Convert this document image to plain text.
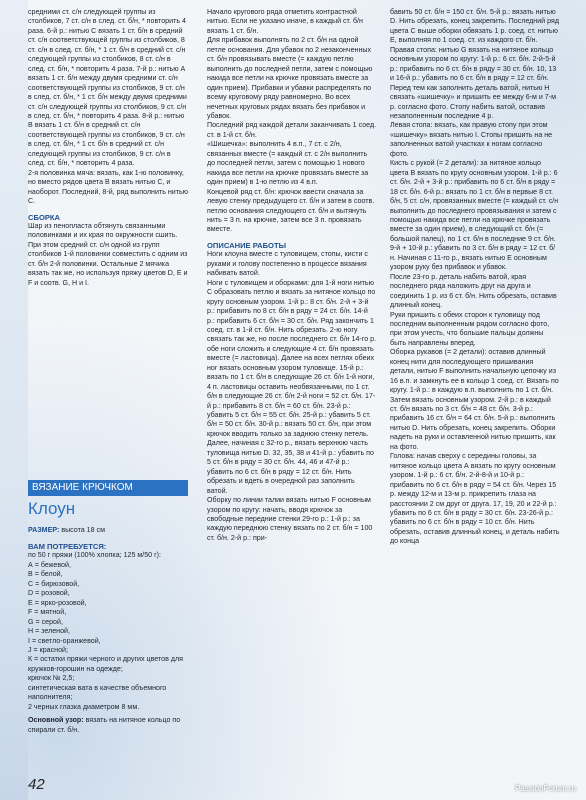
средними ст. с/н следующей группы из столбиков, 7 ст. с/н в след. ст. б/н, * повторить 4 раза. 6-й р.: нитью С вязать 1 ст. б/н в средний ст. с/н соответствующей группы из столбиков, 8 ст. с/н в след. ст. б/н, * 1 ст. б/н в средний ст. с/н следующей группы из столбиков, 8 ст. с/н в след. ст. б/н, * повторить 4 раза. 7-й р.: нитью А вязать 1 ст. б/н между двумя средними ст. с/н соответствующей группы из столбиков, 9 ст. с/н в след. ст. б/н, * 1 ст. б/н между двумя средними ст. с/н следующей группы из столбиков, 9 ст. с/н в след. ст. б/н, * повторить 4 раза. 8-й р.: нитью В вязать 1 ст. б/н в средний ст. с/н соответствующей группы из столбиков, 9 ст. с/н в след. ст. б/н, * 1 ст. б/н в средний ст. с/н следующей группы из столбиков, 9 ст. с/н в след. ст. б/н, * повторить 4 раза.

2-я половинка мяча: вязать, как 1-ю половинку, но вместо рядов цвета В вязать нитью С, и наоборот. Последний, 8-й, ряд выполнить нитью С.

СБОРКА

Шар из пенопласта обтянуть связанными половинками и их края по окружности сшить. При этом средний ст. с/н одной из групп столбиков 1-й половинки совместить с одним из ст. б/н 2-й половинки. Остальные 2 мячика вязать так же, но используя пряжу цветов D, E и F и соотв. G, H и I.

ВЯЗАНИЕ КРЮЧКОМ
Клоун
РАЗМЕР: высота 18 см

ВАМ ПОТРЕБУЕТСЯ:

по 50 г пряжи (100% хлопка; 125 м/50 г):

А = бежевой,

В = белой,

С = бирюзовой,

D = розовой,

E = ярко-розовой,

F = мятной,

G = серой,

H = зеленой,

I = светло-оранжевой,

J = красной;

К = остатки пряжи черного и других цветов для кружков-горошин на одежде;

крючок № 2,5;

синтетическая вата в качестве объемного наполнителя;

2 черных глазка диаметром 8 мм.

Основной узор: вязать на нитяное кольцо по спирали ст. б/н.

Начало кругового ряда отметить контрастной нитью. Если не указано иначе, в каждый ст. б/н вязать 1 ст. б/н.

Для прибавок выполнять по 2 ст. б/н на одной петле основания. Для убавок по 2 незаконченных ст. б/н провязывать вместе (= каждую петлю выполнить до последней петли, затем с помощью накида все петли на крючке провязать вместе за один прием). Прибавки и убавки распределять по всему круговому ряду равномерно. Во всех нечетных круговых рядах вязать без прибавок и убавок.

Последний ряд каждой детали заканчивать 1 соед. ст. в 1-й ст. б/н.

«Шишечка»: выполнить 4 в.п., 7 ст. с 2/н, связанных вместе (= каждый ст. с 2/н выполнить до последней петли, затем с помощью 1 нового накида все петли на крючке провязать вместе за один прием) в 1-ю петлю из 4 в.п.

Концевой ряд ст. б/н: крючок ввести сначала за левую стенку предыдущего ст. б/н и затем в соотв. петлю основания следующего ст. б/н и вытянуть нить = 3 п. на крючке, затем все 3 п. провязать вместе.

ОПИСАНИЕ РАБОТЫ

Ноги клоуна вместе с туловищем, стопы, кисти с руками и голову постепенно в процессе вязания набивать ватой.

Ноги с туловищем и оборками: для 1-й ноги нитью С образовать петлю и вязать за нитяное кольцо по кругу основным узором. 1-й р.: 8 ст. б/н. 2-й + 3-й р.: прибавить по 8 ст. б/н в ряду = 24 ст. б/н. 14-й р.: прибавить 6 ст. б/н = 30 ст. б/н. Ряд закончить 1 соед. ст. в 1-й ст. б/н. Нить обрезать. 2-ю ногу связать так же, но после последнего ст. б/н 14-го р. обе ноги сложить и следующие 4 ст. б/н провязать вместе (= ластовица). Далее на всех петлях обеих ног вязать основным узором туловище. 15-й р.: вязать по 1 ст. б/н в следующие 26 ст. б/н 1-й ноги, 4 п. ластовицы оставить необвязанными, по 1 ст. б/н в следующие 26 ст. б/н 2-й ноги = 52 ст. б/н. 17-й р.: прибавить 8 ст. б/н = 60 ст. б/н. 23-й р.: убавить 5 ст. б/н = 55 ст. б/н. 25-й р.: убавить 5 ст. б/н = 50 ст. б/н. 30-й р.: вязать 50 ст. б/н, при этом крючок вводить только за заднюю стенку петель. Далее, начиная с 32-го р., вязать верхнюю часть туловища нитью D. 32, 35, 38 и 41-й р.: убавить по 5 ст. б/н в ряду = 30 ст. б/н. 44, 46 и 47-й р.: убавить по 6 ст. б/н в ряду = 12 ст. б/н. Нить обрезать и вдеть в очередной раз заполнить ватой.

Оборку по линии талии вязать нитью F основным узором по кругу: начать, вводя крючок за свободные передние стенки 29-го р.: 1-й р.: за каждую переднюю стенку вязать по 2 ст. б/н = 100 ст. б/н. 2-й р.: при-

бавить 50 ст. б/н = 150 ст. б/н. 5-й р.: вязать нитью D. Нить обрезать, конец закрепить. Последний ряд цвета С выше оборки обвязать 1 р. соед. ст. нитью E, выполняя по 1 соед. ст. из каждого ст. б/н.

Правая стопа: нитью G вязать на нитяное кольцо основным узором по кругу: 1-й р.: 6 ст. б/н. 2-й-5-й р.: прибавить по 6 ст. б/н в ряду = 30 ст. б/н. 10, 13 и 16-й р.: убавить по 6 ст. б/н в ряду = 12 ст. б/н. Перед тем как заполнить деталь ватой, нитью Н связать «шишечку» и пришить ее между 6-м и 7-м р. согласно фото. Стопу набить ватой, оставив незаполненным последние 4 р.

Левая стопа: вязать, как правую стопу при этом «шишечку» вязать нитью I. Стопы пришить на не заполненных ватой участках к ногам согласно фото.

Кисть с рукой (= 2 детали): за нитяное кольцо цвета В вязать по кругу основным узором. 1-й р.: 6 ст. б/н. 2-й + 3-й р.: прибавить по 6 ст. б/н в ряду = 18 ст. б/н. 6-й р.: вязать по 1 ст. б/н в первые 8 ст. б/н, 5 ст. с/н, провязанных вместе (= каждый ст. с/н выполнить до последнего провязывания и затем с помощью накида все петли на крючке провязать вместе за один прием), в следующий ст. б/н (= большой палец), по 1 ст. б/н в последние 9 ст. б/н. 9-й + 10-й р.: убавить по 3 ст. б/н в ряду = 12 ст. б/н. Начиная с 11-го р., вязать нитью E основным узором руку без прибавок и убавок.

После 23-го р. деталь набить ватой, края последнего ряда наложить друг на друга и соединить 1 р. из 6 ст. б/н. Нить обрезать, оставив длинный конец.

Руки пришить с обеих сторон к туловищу под последним выполненным рядом согласно фото, при этом учесть, что большие пальцы должны быть направлены вперед.

Оборка рукавов (= 2 детали): оставив длинный конец нити для последующего пришивания детали, нитью F выполнить начальную цепочку из 16 в.п. и замкнуть ее в кольцо 1 соед. ст. Вязать по кругу. 1-й р.: в каждую в.п. выполнить по 1 ст. б/н. Затем вязать основным узором. 2-й р.: в каждый ст. б/н вязать по 3 ст. б/н = 48 ст. б/н. 3-й р.: прибавить 16 ст. б/н = 64 ст. б/н. 5-й р.: выполнить нитью D. Нить обрезать, конец закрепить. Оборки надеть на руки и оставленной нитью пришить, как на фото.

Голова: начав сверху с середины головы, за нитяное кольцо цвета А вязать по кругу основным узором. 1-й р.: 6 ст. б/н. 2-й-8-й и 10-й р.: прибавить по 6 ст. б/н в ряду = 54 ст. б/н. Через 15 р. между 12-м и 13-м р. прикрепить глаза на расстоянии 2 см друг от друга. 17, 19, 20 и 22-й р.: убавить по 6 ст. б/н в ряду = 30 ст. б/н. 23-26-й р.: убавить по 6 ст. б/н в ряду = 10 ст. б/н. Нить обрезать, оставив длинный конец, и деталь набить до конца

42	PassionForum.ru
